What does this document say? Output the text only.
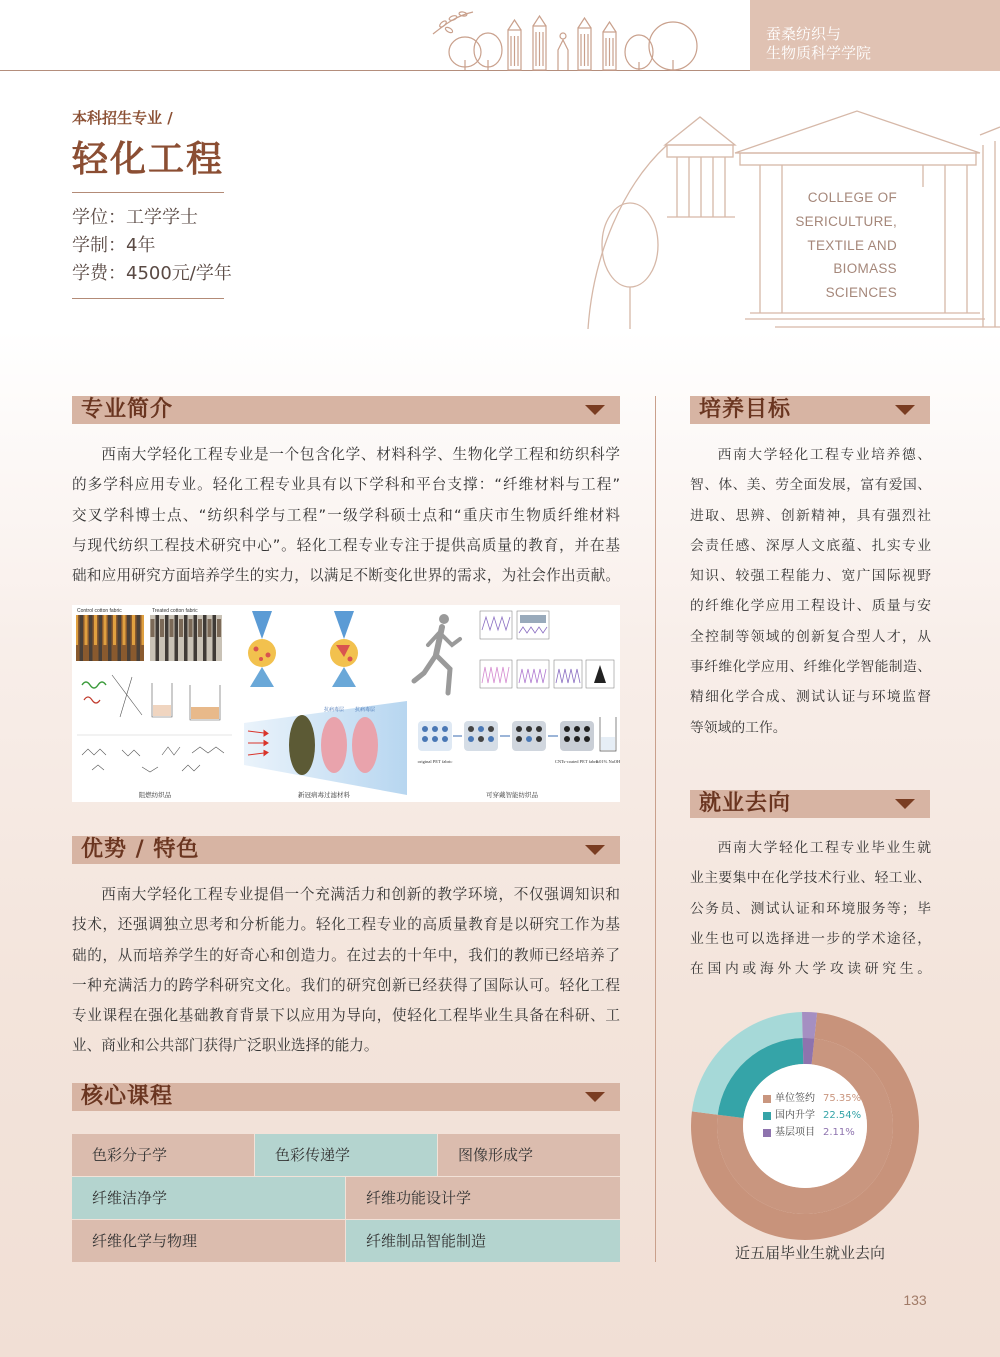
蚕桑纺织与
生物质科学学院
本科招生专业 /
轻化工程
学位：工学学士
学制：4年
学费：4500元/学年
COLLEGE OF
SERICULTURE,
TEXTILE AND
BIOMASS
SCIENCES
专业简介
西南大学轻化工程专业是一个包含化学、材料科学、生物化学工程和纺织科学
的多学科应用专业。轻化工程专业具有以下学科和平台支撑：“纤维材料与工程”
交叉学科博士点、“纺织科学与工程”一级学科硕士点和“重庆市生物质纤维材料
与现代纺织工程技术研究中心”。轻化工程专业专注于提供高质量的教育，并在基
础和应用研究方面培养学生的实力，以满足不断变化世界的需求，为社会作出贡献。
Control cotton fabric	Treated cotton fabric
阻燃纺织品
抗病毒层 抗病毒层
新冠病毒过滤材料
original PET fabric	CNTs-coated PET fabric
0.01% NaOH
可穿戴智能纺织品
优势 / 特色
西南大学轻化工程专业提倡一个充满活力和创新的教学环境，不仅强调知识和
技术，还强调独立思考和分析能力。轻化工程专业的高质量教育是以研究工作为基
础的，从而培养学生的好奇心和创造力。在过去的十年中，我们的教师已经培养了
一种充满活力的跨学科研究文化。我们的研究创新已经获得了国际认可。轻化工程
专业课程在强化基础教育背景下以应用为导向，使轻化工程毕业生具备在科研、工
业、商业和公共部门获得广泛职业选择的能力。
核心课程
色彩分子学	色彩传递学	图像形成学
纤维洁净学	纤维功能设计学
纤维化学与物理	纤维制品智能制造
培养目标
西南大学轻化工程专业培养德、
智、体、美、劳全面发展，富有爱国、
进取、思辨、创新精神，具有强烈社
会责任感、深厚人文底蕴、扎实专业
知识、较强工程能力、宽广国际视野
的纤维化学应用工程设计、质量与安
全控制等领域的创新复合型人才，从
事纤维化学应用、纤维化学智能制造、
精细化学合成、测试认证与环境监督
等领域的工作。
就业去向
西南大学轻化工程专业毕业生就
业主要集中在化学技术行业、轻工业、
公务员、测试认证和环境服务等；毕
业生也可以选择进一步的学术途径，
在国内或海外大学攻读研究生。
单位签约 75.35%
国内升学 22.54%
基层项目 2.11%
近五届毕业生就业去向
133
